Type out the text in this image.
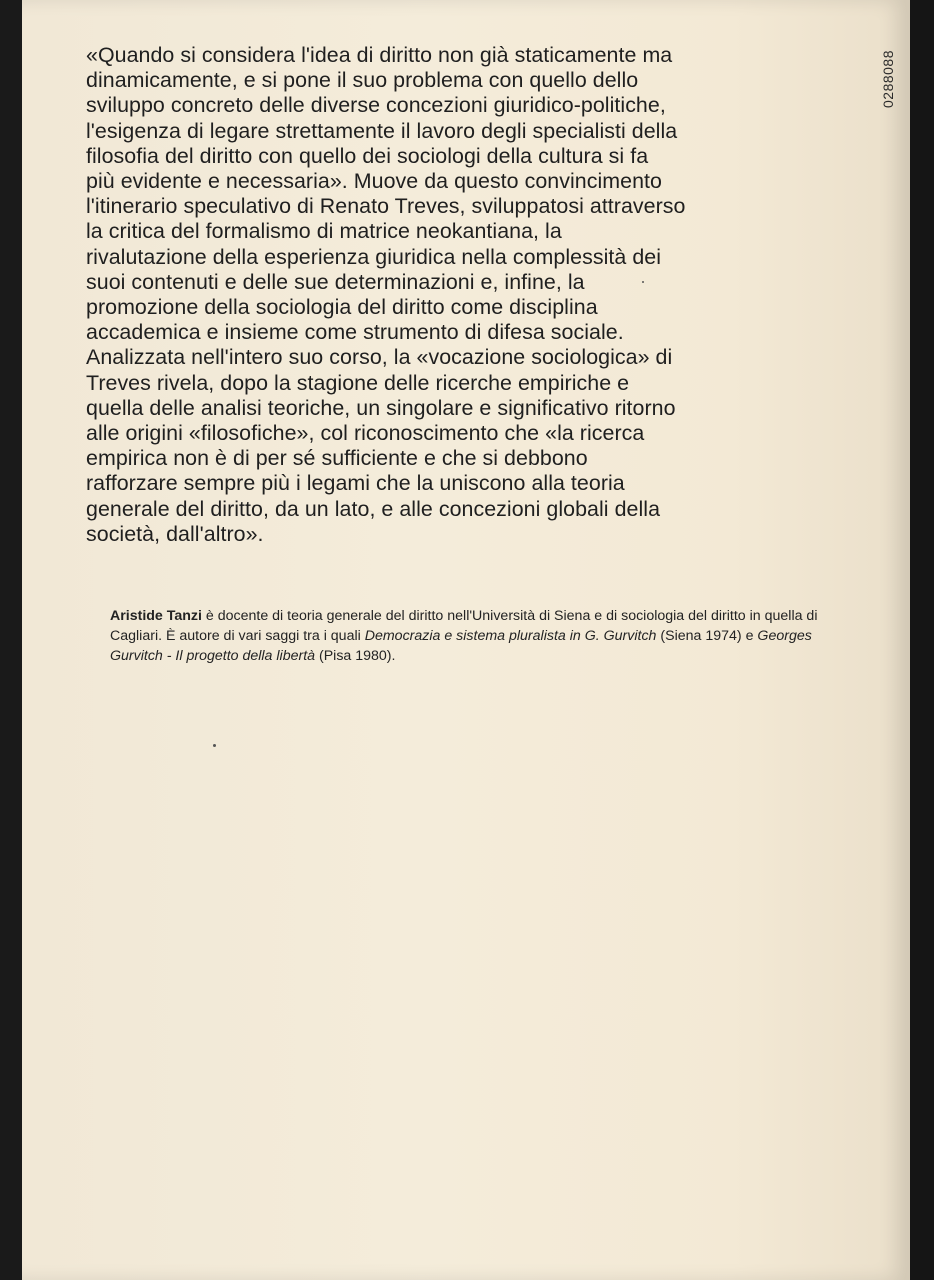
«Quando si considera l'idea di diritto non già staticamente ma
dinamicamente, e si pone il suo problema con quello dello
sviluppo concreto delle diverse concezioni giuridico-politiche,
l'esigenza di legare strettamente il lavoro degli specialisti della
filosofia del diritto con quello dei sociologi della cultura si fa
più evidente e necessaria». Muove da questo convincimento
l'itinerario speculativo di Renato Treves, sviluppatosi attraverso
la critica del formalismo di matrice neokantiana, la
rivalutazione della esperienza giuridica nella complessità dei
suoi contenuti e delle sue determinazioni e, infine, la
promozione della sociologia del diritto come disciplina
accademica e insieme come strumento di difesa sociale.
Analizzata nell'intero suo corso, la «vocazione sociologica» di
Treves rivela, dopo la stagione delle ricerche empiriche e
quella delle analisi teoriche, un singolare e significativo ritorno
alle origini «filosofiche», col riconoscimento che «la ricerca
empirica non è di per sé sufficiente e che si debbono
rafforzare sempre più i legami che la uniscono alla teoria
generale del diritto, da un lato, e alle concezioni globali della
società, dall'altro».

Aristide Tanzi è docente di teoria generale del diritto nell'Università di Siena e di sociologia del diritto in quella di Cagliari. È autore di vari saggi tra i quali Democrazia e sistema pluralista in G. Gurvitch (Siena 1974) e Georges Gurvitch - Il progetto della libertà (Pisa 1980).

0288088
